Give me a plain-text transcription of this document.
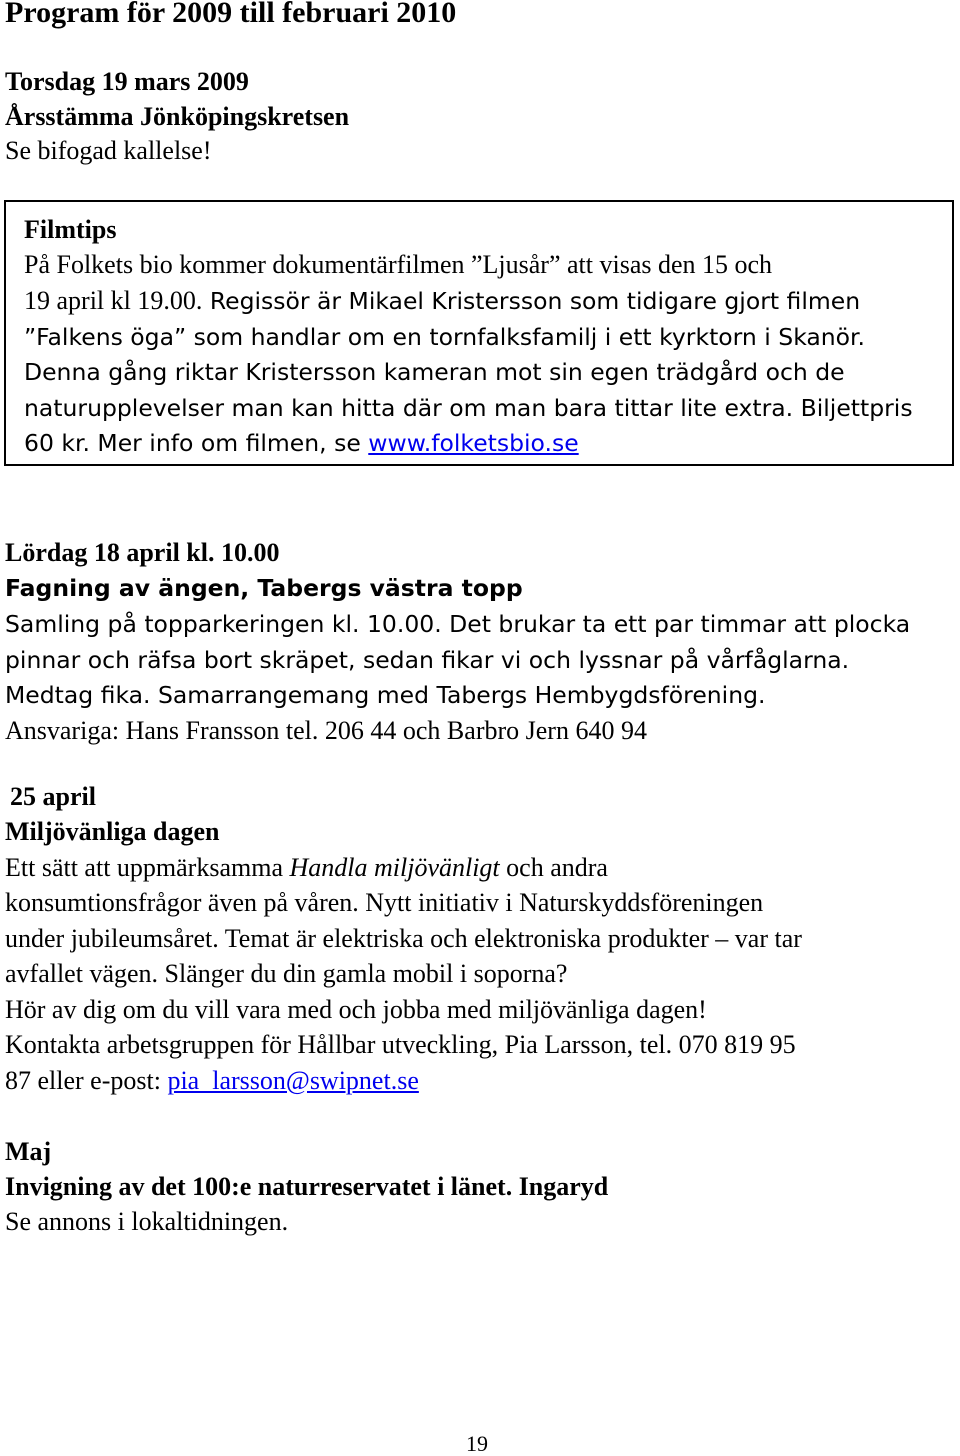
Program för 2009 till februari 2010
Torsdag 19 mars 2009
Årsstämma Jönköpingskretsen
Se bifogad kallelse!
Filmtips
På Folkets bio kommer dokumentärfilmen ”Ljusår” att visas den 15 och
19 april kl 19.00. Regissör är Mikael Kristersson som tidigare gjort filmen
”Falkens öga” som handlar om en tornfalksfamilj i ett kyrktorn i Skanör.
Denna gång riktar Kristersson kameran mot sin egen trädgård och de
naturupplevelser man kan hitta där om man bara tittar lite extra. Biljettpris
60 kr. Mer info om filmen, se www.folketsbio.se
Lördag 18 april kl. 10.00
Fagning av ängen, Tabergs västra topp
Samling på topparkeringen kl. 10.00. Det brukar ta ett par timmar att plocka
pinnar och räfsa bort skräpet, sedan fikar vi och lyssnar på vårfåglarna.
Medtag fika. Samarrangemang med Tabergs Hembygdsförening.
Ansvariga: Hans Fransson tel. 206 44 och Barbro Jern 640 94
25 april
Miljövänliga dagen
Ett sätt att uppmärksamma Handla miljövänligt och andra
konsumtionsfrågor även på våren. Nytt initiativ i Naturskyddsföreningen
under jubileumsåret. Temat är elektriska och elektroniska produkter – var tar
avfallet vägen. Slänger du din gamla mobil i soporna?
Hör av dig om du vill vara med och jobba med miljövänliga dagen!
Kontakta arbetsgruppen för Hållbar utveckling, Pia Larsson, tel. 070 819 95
87 eller e-post: pia_larsson@swipnet.se
Maj
Invigning av det 100:e naturreservatet i länet. Ingaryd
Se annons i lokaltidningen.
19
